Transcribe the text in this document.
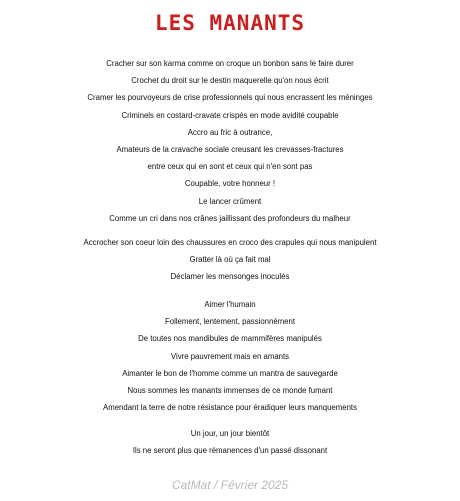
LES MANANTS
Cracher sur son karma comme on croque un bonbon sans le faire durer
Crochet du droit sur le destin maquerelle qu'on nous écrit
Cramer les pourvoyeurs de crise professionnels qui nous encrassent les méninges
Criminels en costard-cravate crispés en mode avidité coupable
Accro au fric à outrance,
Amateurs de la cravache sociale creusant les crevasses-fractures
entre ceux qui en sont et ceux qui n'en sont pas
Coupable, votre honneur !
Le lancer crûment
Comme un cri dans nos crânes jaillissant des profondeurs du malheur
Accrocher son coeur loin des chaussures en croco des crapules qui nous manipulent
Gratter là où ça fait mal
Déclamer les mensonges inoculés
Aimer l'humain
Follement, lentement, passionnément
De toutes nos mandibules de mammifères manipulés
Vivre pauvrement mais en amants
Aimanter le bon de l'homme comme un mantra de sauvegarde
Nous sommes les manants immenses de ce monde fumant
Amendant la terre de notre résistance pour éradiquer leurs manquements
Un jour, un jour bientôt
Ils ne seront plus que rémanences d'un passé dissonant
CatMat / Février 2025
